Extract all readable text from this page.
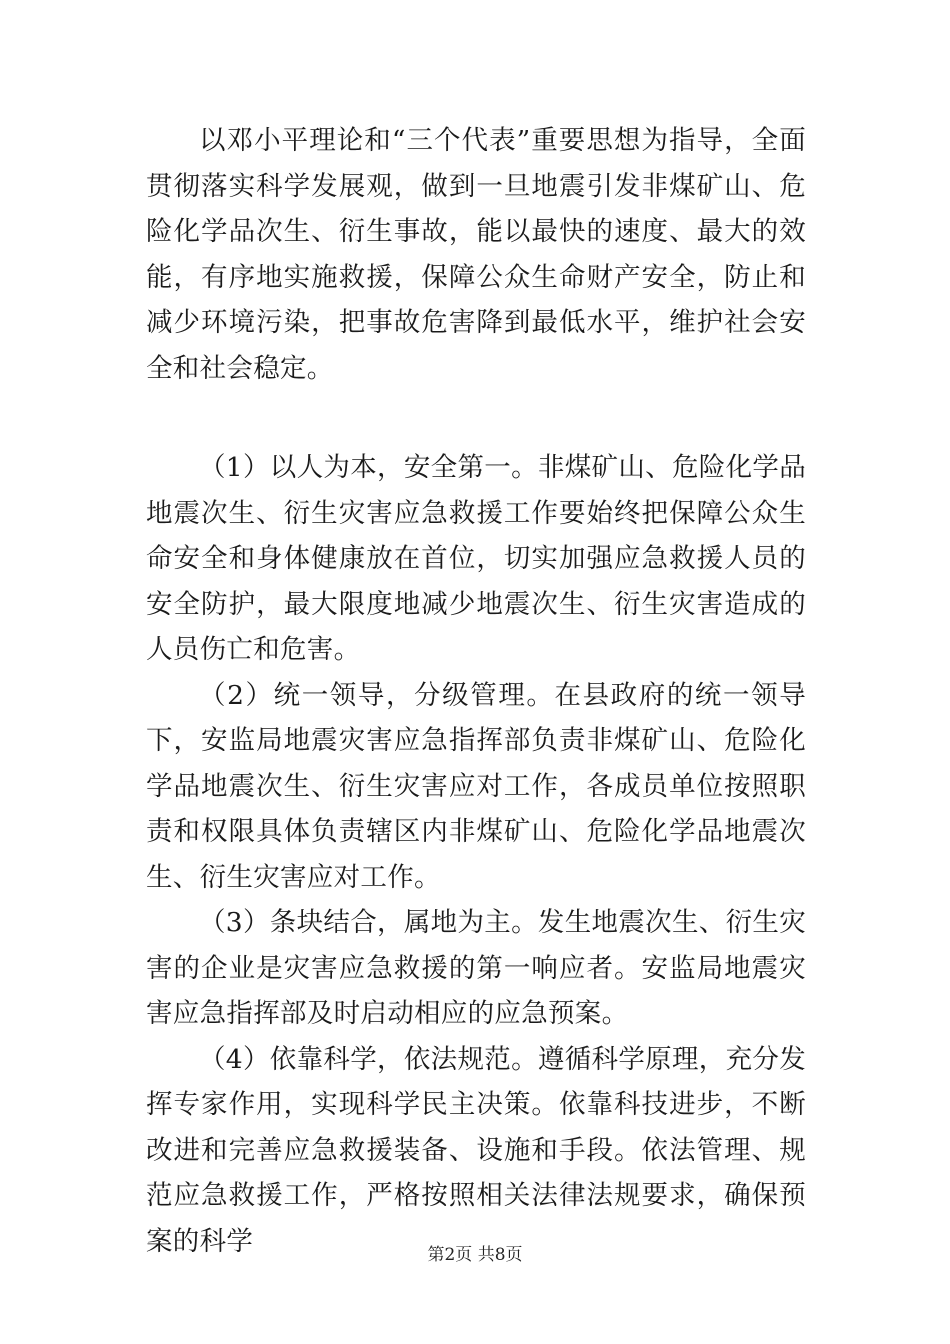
以邓小平理论和“三个代表”重要思想为指导，全面贯彻落实科学发展观，做到一旦地震引发非煤矿山、危险化学品次生、衍生事故，能以最快的速度、最大的效能，有序地实施救援，保障公众生命财产安全，防止和减少环境污染，把事故危害降到最低水平，维护社会安全和社会稳定。

（1）以人为本，安全第一。非煤矿山、危险化学品地震次生、衍生灾害应急救援工作要始终把保障公众生命安全和身体健康放在首位，切实加强应急救援人员的安全防护，最大限度地减少地震次生、衍生灾害造成的人员伤亡和危害。

（2）统一领导，分级管理。在县政府的统一领导下，安监局地震灾害应急指挥部负责非煤矿山、危险化学品地震次生、衍生灾害应对工作，各成员单位按照职责和权限具体负责辖区内非煤矿山、危险化学品地震次生、衍生灾害应对工作。

（3）条块结合，属地为主。发生地震次生、衍生灾害的企业是灾害应急救援的第一响应者。安监局地震灾害应急指挥部及时启动相应的应急预案。

（4）依靠科学，依法规范。遵循科学原理，充分发挥专家作用，实现科学民主决策。依靠科技进步，不断改进和完善应急救援装备、设施和手段。依法管理、规范应急救援工作，严格按照相关法律法规要求，确保预案的科学	第2页 共8页
